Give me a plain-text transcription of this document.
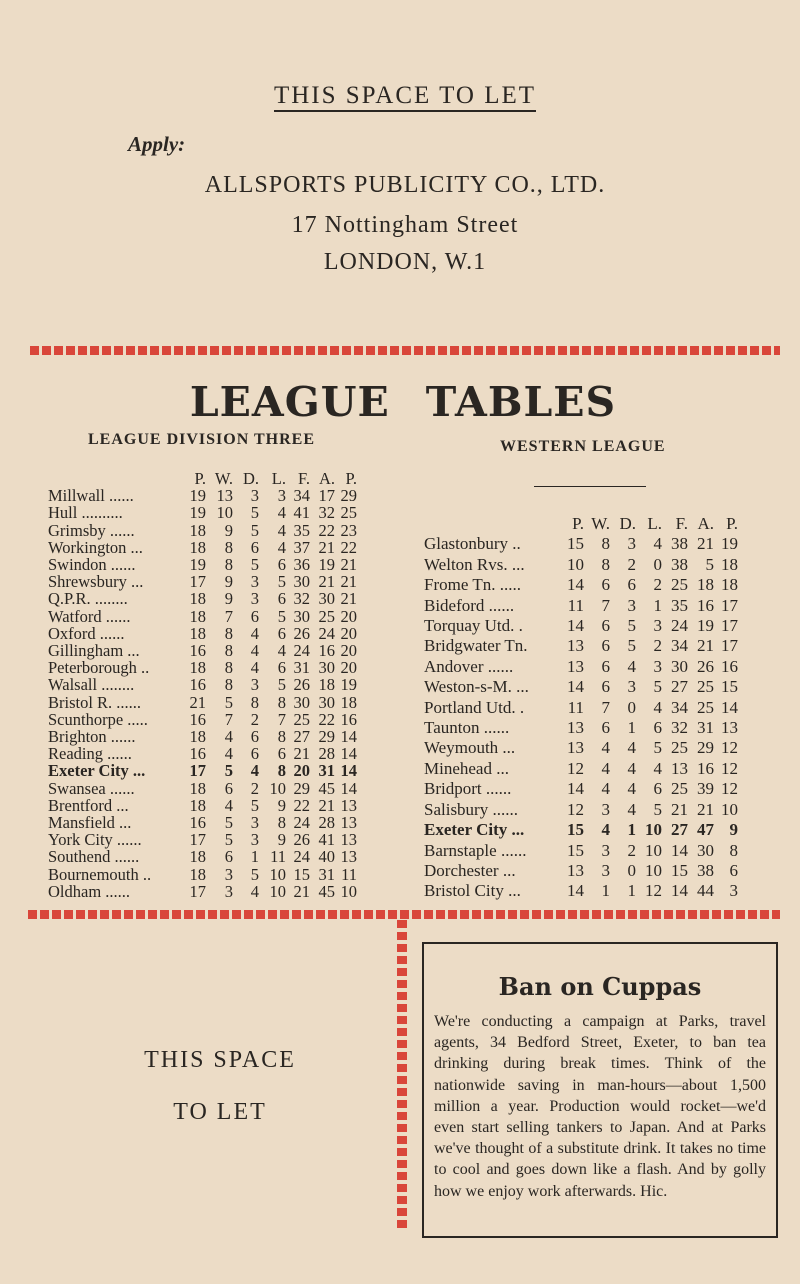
THIS SPACE TO LET
Apply:
ALLSPORTS PUBLICITY CO., LTD.
17 Nottingham Street
LONDON, W.1
LEAGUE TABLES
LEAGUE DIVISION THREE	WESTERN LEAGUE
	P.	W.	D.	L.	F.	A.	P.
Millwall ......	19	13	3	3	34	17	29
Hull ..........	19	10	5	4	41	32	25
Grimsby ......	18	9	5	4	35	22	23
Workington ...	18	8	6	4	37	21	22
Swindon ......	19	8	5	6	36	19	21
Shrewsbury ...	17	9	3	5	30	21	21
Q.P.R. ........	18	9	3	6	32	30	21
Watford ......	18	7	6	5	30	25	20
Oxford ......	18	8	4	6	26	24	20
Gillingham ...	16	8	4	4	24	16	20
Peterborough ..	18	8	4	6	31	30	20
Walsall ........	16	8	3	5	26	18	19
Bristol R. ......	21	5	8	8	30	30	18
Scunthorpe .....	16	7	2	7	25	22	16
Brighton ......	18	4	6	8	27	29	14
Reading ......	16	4	6	6	21	28	14
Exeter City ...	17	5	4	8	20	31	14
Swansea ......	18	6	2	10	29	45	14
Brentford ...	18	4	5	9	22	21	13
Mansfield ...	16	5	3	8	24	28	13
York City ......	17	5	3	9	26	41	13
Southend ......	18	6	1	11	24	40	13
Bournemouth ..	18	3	5	10	15	31	11
Oldham ......	17	3	4	10	21	45	10
	P.	W.	D.	L.	F.	A.	P.
Glastonbury ..	15	8	3	4	38	21	19
Welton Rvs. ...	10	8	2	0	38	5	18
Frome Tn. .....	14	6	6	2	25	18	18
Bideford ......	11	7	3	1	35	16	17
Torquay Utd. .	14	6	5	3	24	19	17
Bridgwater Tn.	13	6	5	2	34	21	17
Andover ......	13	6	4	3	30	26	16
Weston-s-M. ...	14	6	3	5	27	25	15
Portland Utd. .	11	7	0	4	34	25	14
Taunton ......	13	6	1	6	32	31	13
Weymouth ...	13	4	4	5	25	29	12
Minehead ...	12	4	4	4	13	16	12
Bridport ......	14	4	4	6	25	39	12
Salisbury ......	12	3	4	5	21	21	10
Exeter City ...	15	4	1	10	27	47	9
Barnstaple ......	15	3	2	10	14	30	8
Dorchester ...	13	3	0	10	15	38	6
Bristol City ...	14	1	1	12	14	44	3
THIS SPACE
TO LET
Ban on Cuppas
We're conducting a campaign at Parks, travel agents, 34 Bedford Street, Exeter, to ban tea drinking during break times. Think of the nationwide saving in man-hours—about 1,500 million a year. Production would rocket—we'd even start selling tankers to Japan. And at Parks we've thought of a substitute drink. It takes no time to cool and goes down like a flash. And by golly how we enjoy work afterwards. Hic.
